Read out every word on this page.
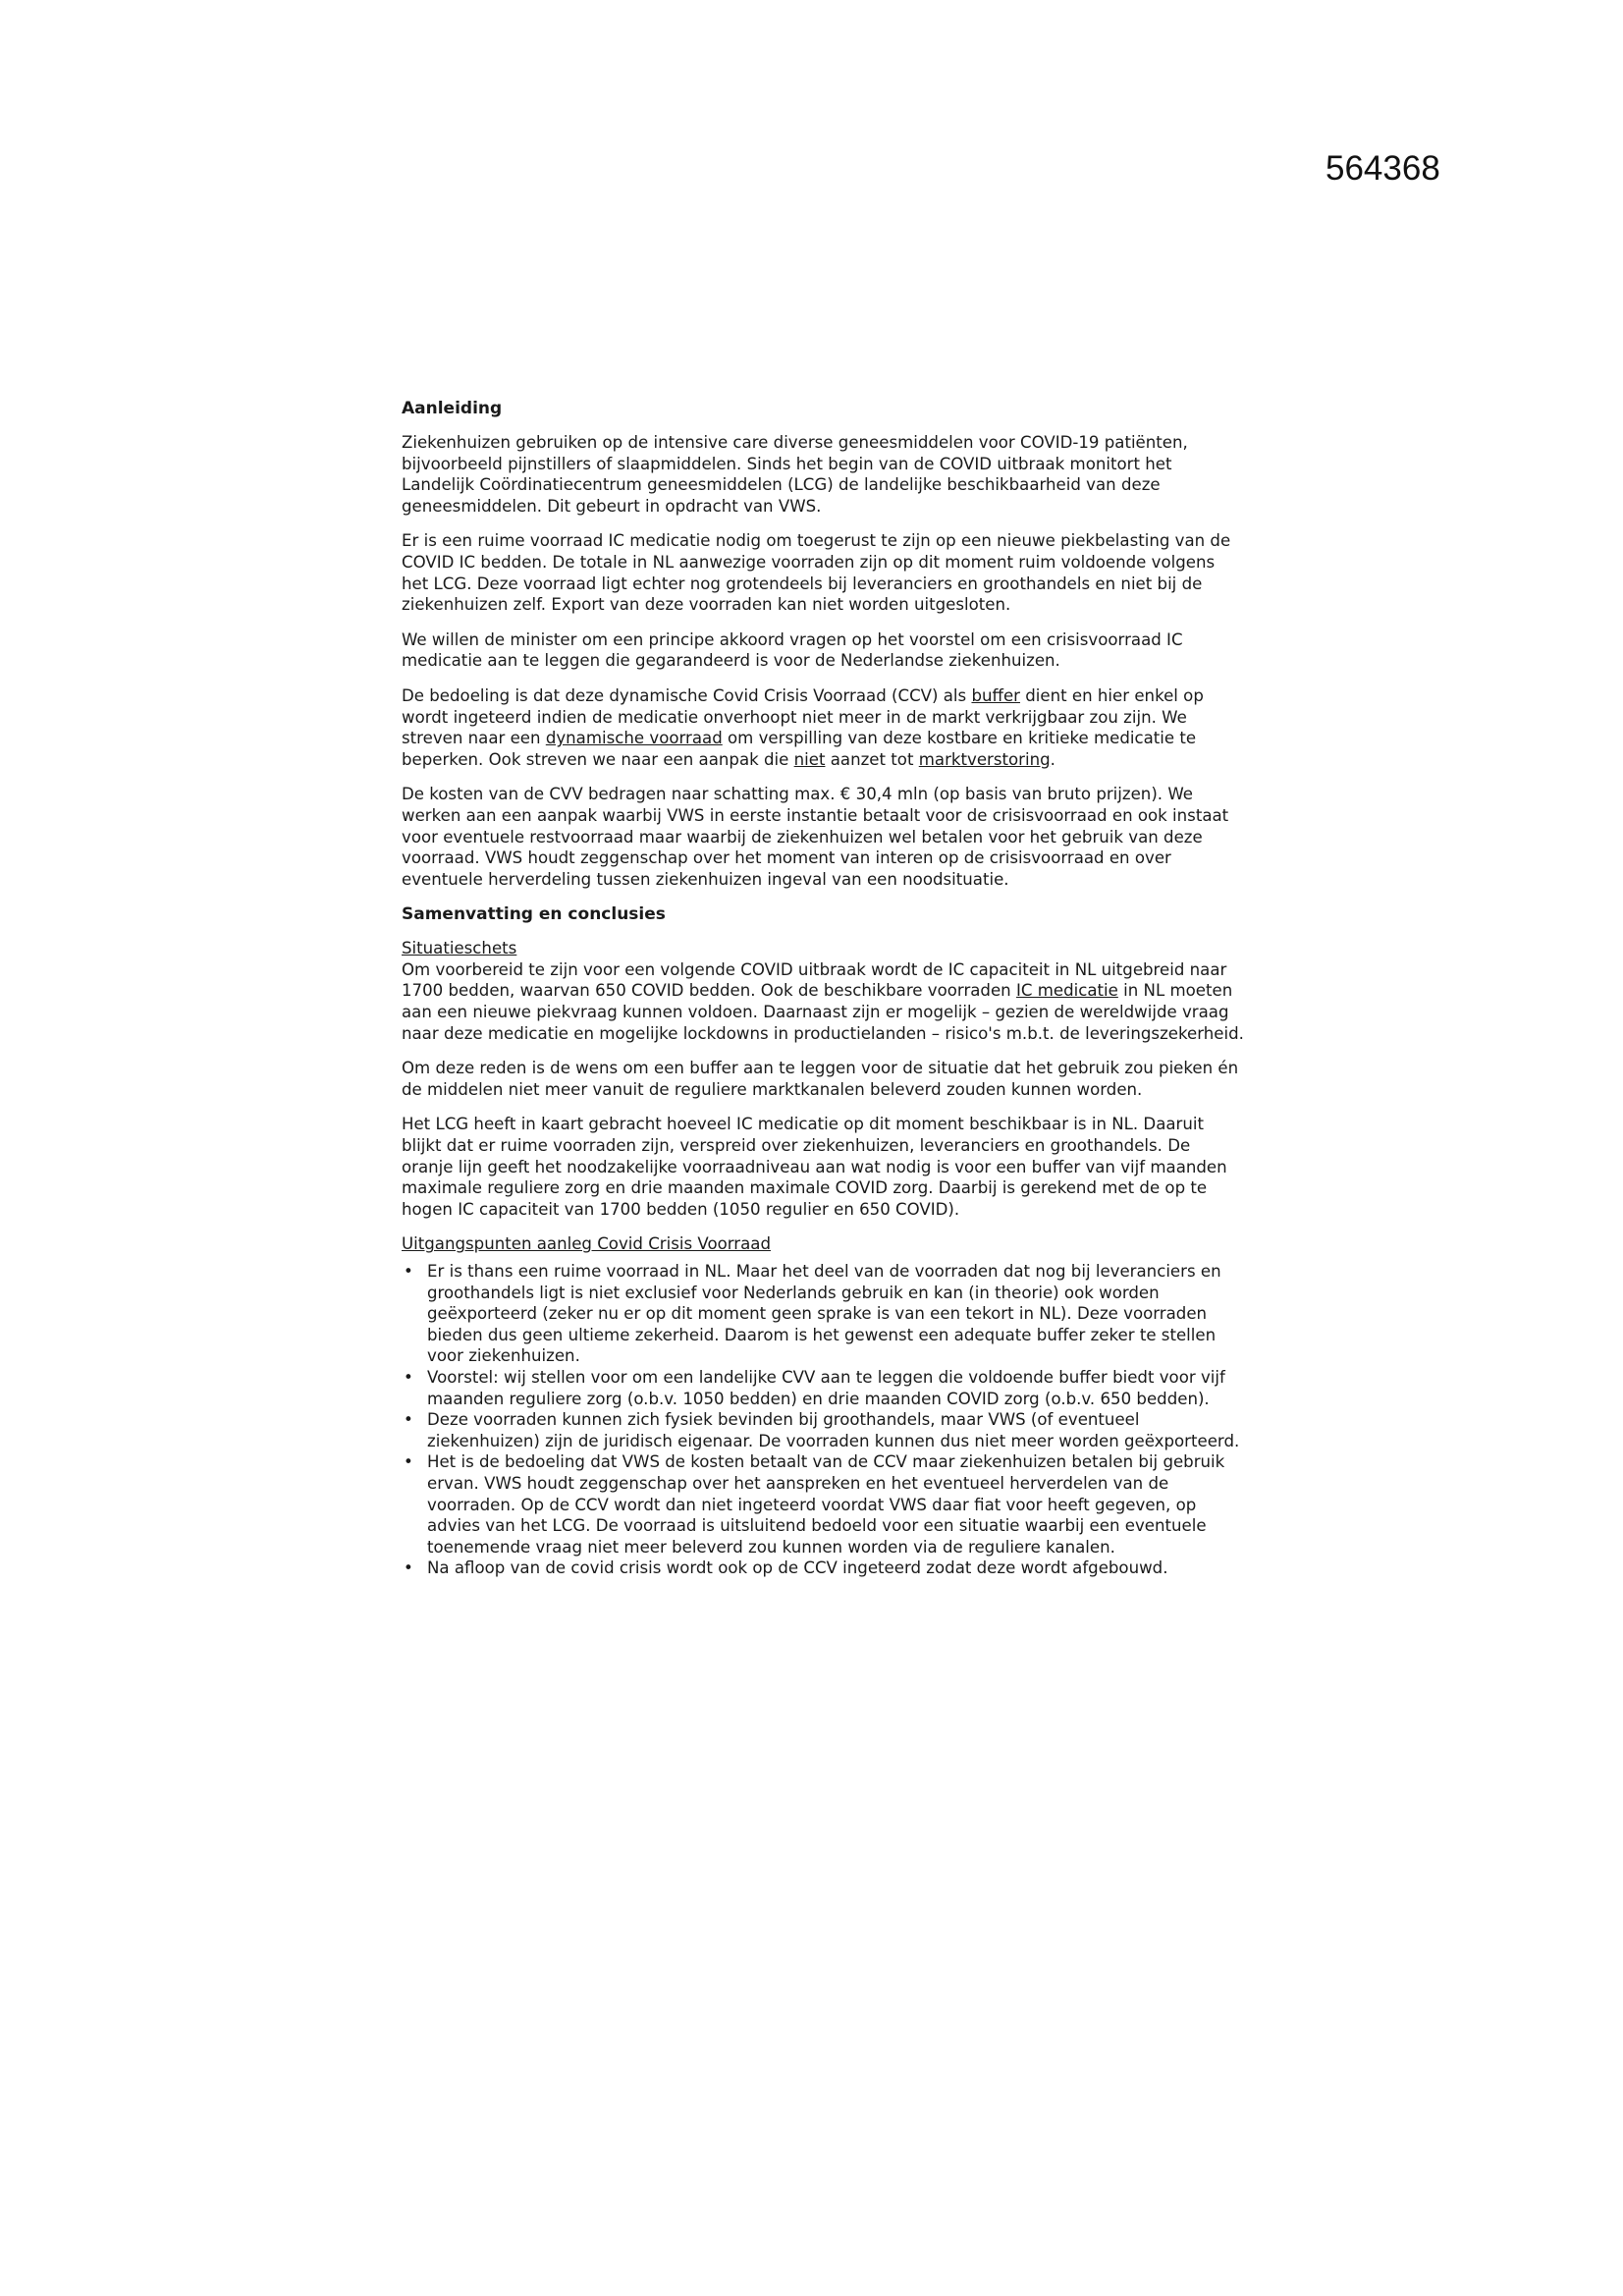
564368
Aanleiding

Ziekenhuizen gebruiken op de intensive care diverse geneesmiddelen voor COVID-19 patiënten, bijvoorbeeld pijnstillers of slaapmiddelen. Sinds het begin van de COVID uitbraak monitort het Landelijk Coördinatiecentrum geneesmiddelen (LCG) de landelijke beschikbaarheid van deze geneesmiddelen. Dit gebeurt in opdracht van VWS.

Er is een ruime voorraad IC medicatie nodig om toegerust te zijn op een nieuwe piekbelasting van de COVID IC bedden. De totale in NL aanwezige voorraden zijn op dit moment ruim voldoende volgens het LCG. Deze voorraad ligt echter nog grotendeels bij leveranciers en groothandels en niet bij de ziekenhuizen zelf. Export van deze voorraden kan niet worden uitgesloten.

We willen de minister om een principe akkoord vragen op het voorstel om een crisisvoorraad IC medicatie aan te leggen die gegarandeerd is voor de Nederlandse ziekenhuizen.

De bedoeling is dat deze dynamische Covid Crisis Voorraad (CCV) als buffer dient en hier enkel op wordt ingeteerd indien de medicatie onverhoopt niet meer in de markt verkrijgbaar zou zijn. We streven naar een dynamische voorraad om verspilling van deze kostbare en kritieke medicatie te beperken. Ook streven we naar een aanpak die niet aanzet tot marktverstoring.

De kosten van de CVV bedragen naar schatting max. € 30,4 mln (op basis van bruto prijzen). We werken aan een aanpak waarbij VWS in eerste instantie betaalt voor de crisisvoorraad en ook instaat voor eventuele restvoorraad maar waarbij de ziekenhuizen wel betalen voor het gebruik van deze voorraad. VWS houdt zeggenschap over het moment van interen op de crisisvoorraad en over eventuele herverdeling tussen ziekenhuizen ingeval van een noodsituatie.

Samenvatting en conclusies
Situatieschets

Om voorbereid te zijn voor een volgende COVID uitbraak wordt de IC capaciteit in NL uitgebreid naar 1700 bedden, waarvan 650 COVID bedden. Ook de beschikbare voorraden IC medicatie in NL moeten aan een nieuwe piekvraag kunnen voldoen. Daarnaast zijn er mogelijk – gezien de wereldwijde vraag naar deze medicatie en mogelijke lockdowns in productielanden – risico's m.b.t. de leveringszekerheid.

Om deze reden is de wens om een buffer aan te leggen voor de situatie dat het gebruik zou pieken én de middelen niet meer vanuit de reguliere marktkanalen beleverd zouden kunnen worden.

Het LCG heeft in kaart gebracht hoeveel IC medicatie op dit moment beschikbaar is in NL. Daaruit blijkt dat er ruime voorraden zijn, verspreid over ziekenhuizen, leveranciers en groothandels. De oranje lijn geeft het noodzakelijke voorraadniveau aan wat nodig is voor een buffer van vijf maanden maximale reguliere zorg en drie maanden maximale COVID zorg. Daarbij is gerekend met de op te hogen IC capaciteit van 1700 bedden (1050 regulier en 650 COVID).

Uitgangspunten aanleg Covid Crisis Voorraad

• Er is thans een ruime voorraad in NL. Maar het deel van de voorraden dat nog bij leveranciers en groothandels ligt is niet exclusief voor Nederlands gebruik en kan (in theorie) ook worden geëxporteerd (zeker nu er op dit moment geen sprake is van een tekort in NL). Deze voorraden bieden dus geen ultieme zekerheid. Daarom is het gewenst een adequate buffer zeker te stellen voor ziekenhuizen.
• Voorstel: wij stellen voor om een landelijke CVV aan te leggen die voldoende buffer biedt voor vijf maanden reguliere zorg (o.b.v. 1050 bedden) en drie maanden COVID zorg (o.b.v. 650 bedden).
• Deze voorraden kunnen zich fysiek bevinden bij groothandels, maar VWS (of eventueel ziekenhuizen) zijn de juridisch eigenaar. De voorraden kunnen dus niet meer worden geëxporteerd.
• Het is de bedoeling dat VWS de kosten betaalt van de CCV maar ziekenhuizen betalen bij gebruik ervan. VWS houdt zeggenschap over het aanspreken en het eventueel herverdelen van de voorraden. Op de CCV wordt dan niet ingeteerd voordat VWS daar fiat voor heeft gegeven, op advies van het LCG. De voorraad is uitsluitend bedoeld voor een situatie waarbij een eventuele toenemende vraag niet meer beleverd zou kunnen worden via de reguliere kanalen.
• Na afloop van de covid crisis wordt ook op de CCV ingeteerd zodat deze wordt afgebouwd.
